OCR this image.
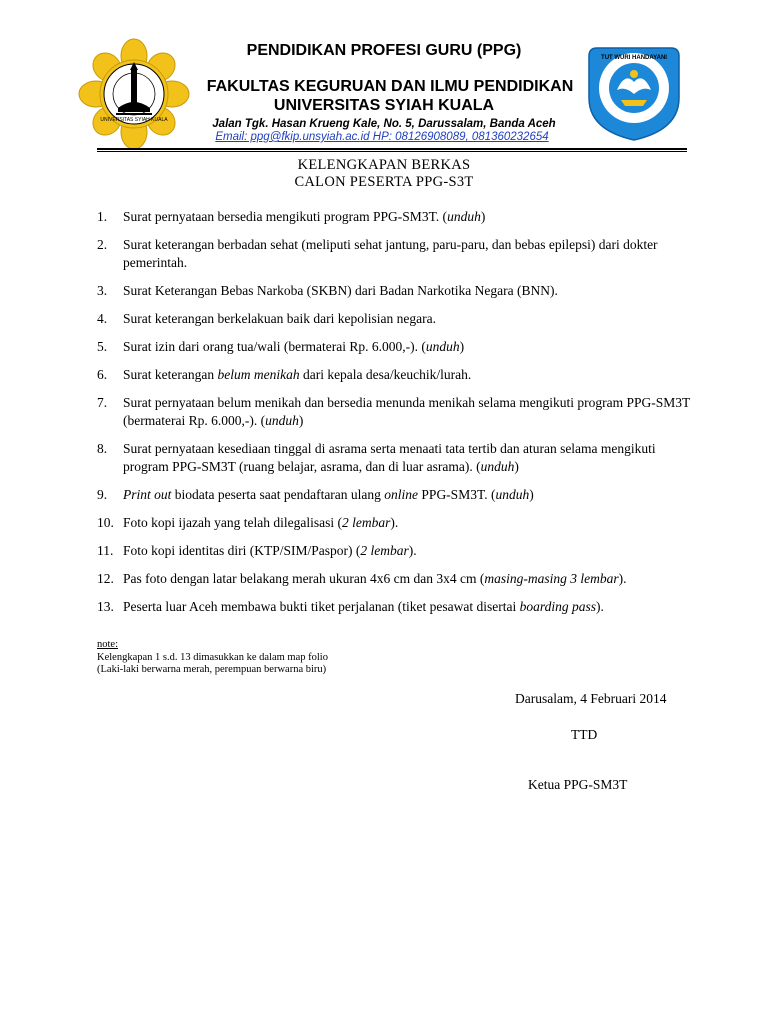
UNIVERSITAS SYIAH KUALA
TUT WURI HANDAYANI
PENDIDIKAN PROFESI GURU (PPG)
FAKULTAS KEGURUAN DAN ILMU PENDIDIKAN
UNIVERSITAS SYIAH KUALA
Jalan Tgk. Hasan Krueng Kale, No. 5, Darussalam, Banda Aceh
Email: ppg@fkip.unsyiah.ac.id HP: 08126908089, 081360232654
KELENGKAPAN BERKAS
CALON PESERTA PPG-S3T
1.	Surat pernyataan bersedia mengikuti program PPG-SM3T. (unduh)
2.	Surat keterangan berbadan sehat (meliputi sehat jantung, paru-paru, dan bebas epilepsi) dari dokter pemerintah.
3.	Surat Keterangan Bebas Narkoba (SKBN) dari Badan Narkotika Negara (BNN).
4.	Surat keterangan berkelakuan baik dari kepolisian negara.
5.	Surat izin dari orang tua/wali (bermaterai Rp. 6.000,-). (unduh)
6.	Surat keterangan belum menikah dari kepala desa/keuchik/lurah.
7.	Surat pernyataan belum menikah dan bersedia menunda menikah selama mengikuti program PPG-SM3T (bermaterai Rp. 6.000,-). (unduh)
8.	Surat pernyataan kesediaan tinggal di asrama serta menaati tata tertib dan aturan selama mengikuti program PPG-SM3T (ruang belajar, asrama, dan di luar asrama). (unduh)
9.	Print out biodata peserta saat pendaftaran ulang online PPG-SM3T. (unduh)
10. Foto kopi ijazah yang telah dilegalisasi (2 lembar).
11. Foto kopi identitas diri (KTP/SIM/Paspor) (2 lembar).
12. Pas foto dengan latar belakang merah ukuran 4x6 cm dan 3x4 cm (masing-masing 3 lembar).
13. Peserta luar Aceh membawa bukti tiket perjalanan (tiket pesawat disertai boarding pass).
note:
Kelengkapan 1 s.d. 13 dimasukkan ke dalam map folio
(Laki-laki berwarna merah, perempuan berwarna biru)
Darusalam, 4 Februari 2014
TTD
Ketua PPG-SM3T
